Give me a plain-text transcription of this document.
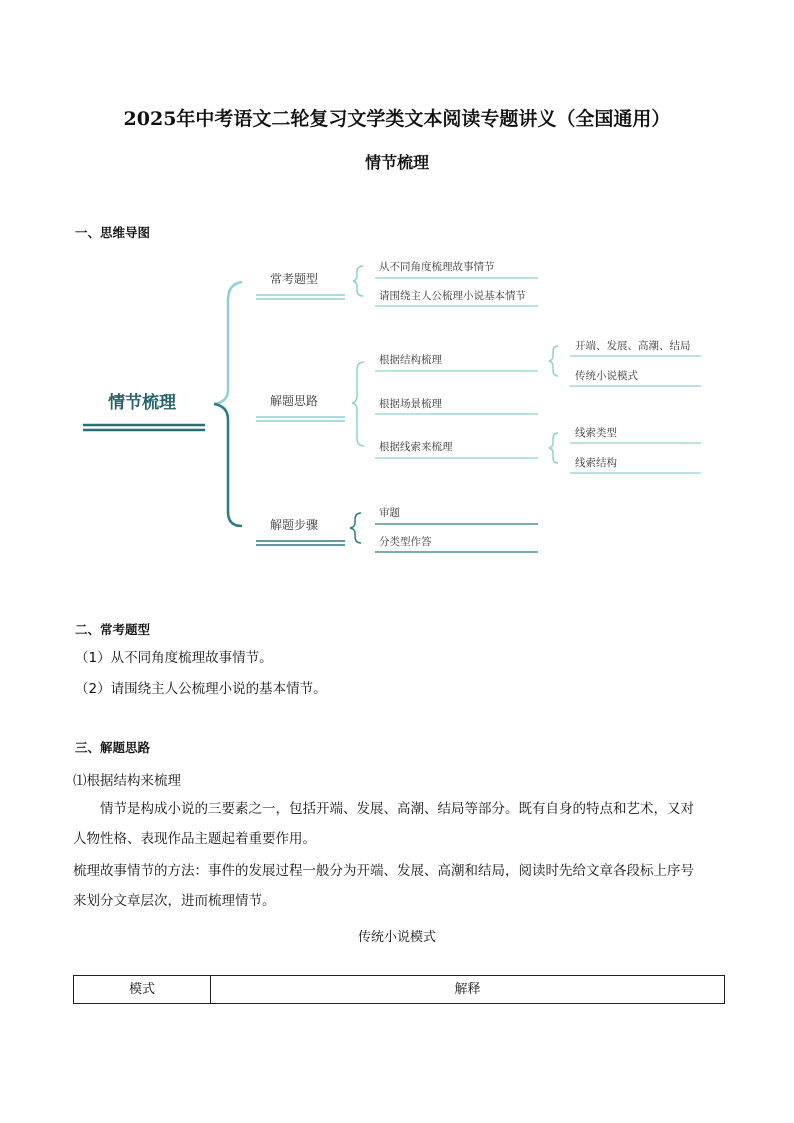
2025年中考语文二轮复习文学类文本阅读专题讲义（全国通用）
情节梳理
一、思维导图
情节梳理
常考题型
解题思路
解题步骤
从不同角度梳理故事情节
请围绕主人公梳理小说基本情节
根据结构梳理
根据场景梳理
根据线索来梳理
开端、发展、高潮、结局
传统小说模式
线索类型
线索结构
审题
分类型作答
二、常考题型
（1）从不同角度梳理故事情节。
（2）请围绕主人公梳理小说的基本情节。
三、解题思路
⑴根据结构来梳理
情节是构成小说的三要素之一，包括开端、发展、高潮、结局等部分。既有自身的特点和艺术，又对
人物性格、表现作品主题起着重要作用。
梳理故事情节的方法：事件的发展过程一般分为开端、发展、高潮和结局，阅读时先给文章各段标上序号
来划分文章层次，进而梳理情节。
传统小说模式
模式	解释
